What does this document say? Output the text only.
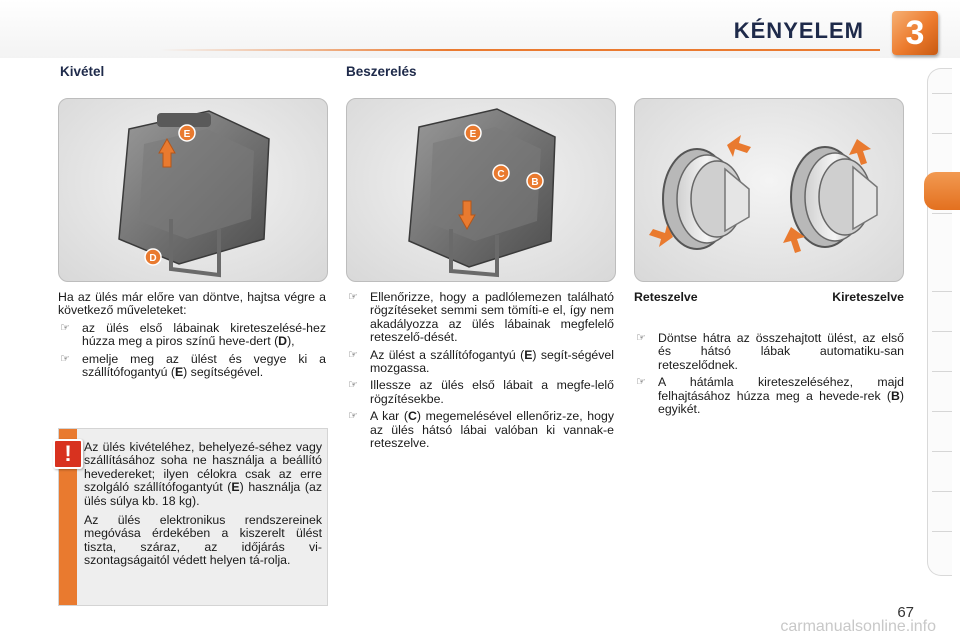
KÉNYELEM	3
Kivétel	Beszerelés
E
D
E
C
B

Ha az ülés már előre van döntve, hajtsa végre a következő műveleteket:

☞ az ülés első lábainak kireteszelésé-hez húzza meg a piros színű heve-dert (D),
☞ emelje meg az ülést és vegye ki a szállítófogantyú (E) segítségével.
!	Az ülés kivételéhez, behelyezé-séhez vagy szállításához soha ne használja a beállító hevedereket; ilyen célokra csak az erre szolgáló szállítófogantyút (E) használja (az ülés súlya kb. 18 kg).

Az ülés elektronikus rendszereinek megóvása érdekében a kiszerelt ülést tiszta, száraz, az időjárás vi-szontagságaitól védett helyen tá-rolja.

☞ Ellenőrizze, hogy a padlólemezen található rögzítéseket semmi sem tömíti-e el, így nem akadályozza az ülés lábainak megfelelő reteszelő-dését.
☞ Az ülést a szállítófogantyú (E) segít-ségével mozgassa.
☞ Illessze az ülés első lábait a megfe-lelő rögzítésekbe.
☞ A kar (C) megemelésével ellenőriz-ze, hogy az ülés hátsó lábai valóban ki vannak-e reteszelve.
Reteszelve	Kireteszelve
☞ Döntse hátra az összehajtott ülést, az első és hátsó lábak automatiku-san reteszelődnek.
☞ A hátámla kireteszeléséhez, majd felhajtásához húzza meg a hevede-rek (B) egyikét.
67
carmanualsonline.info
